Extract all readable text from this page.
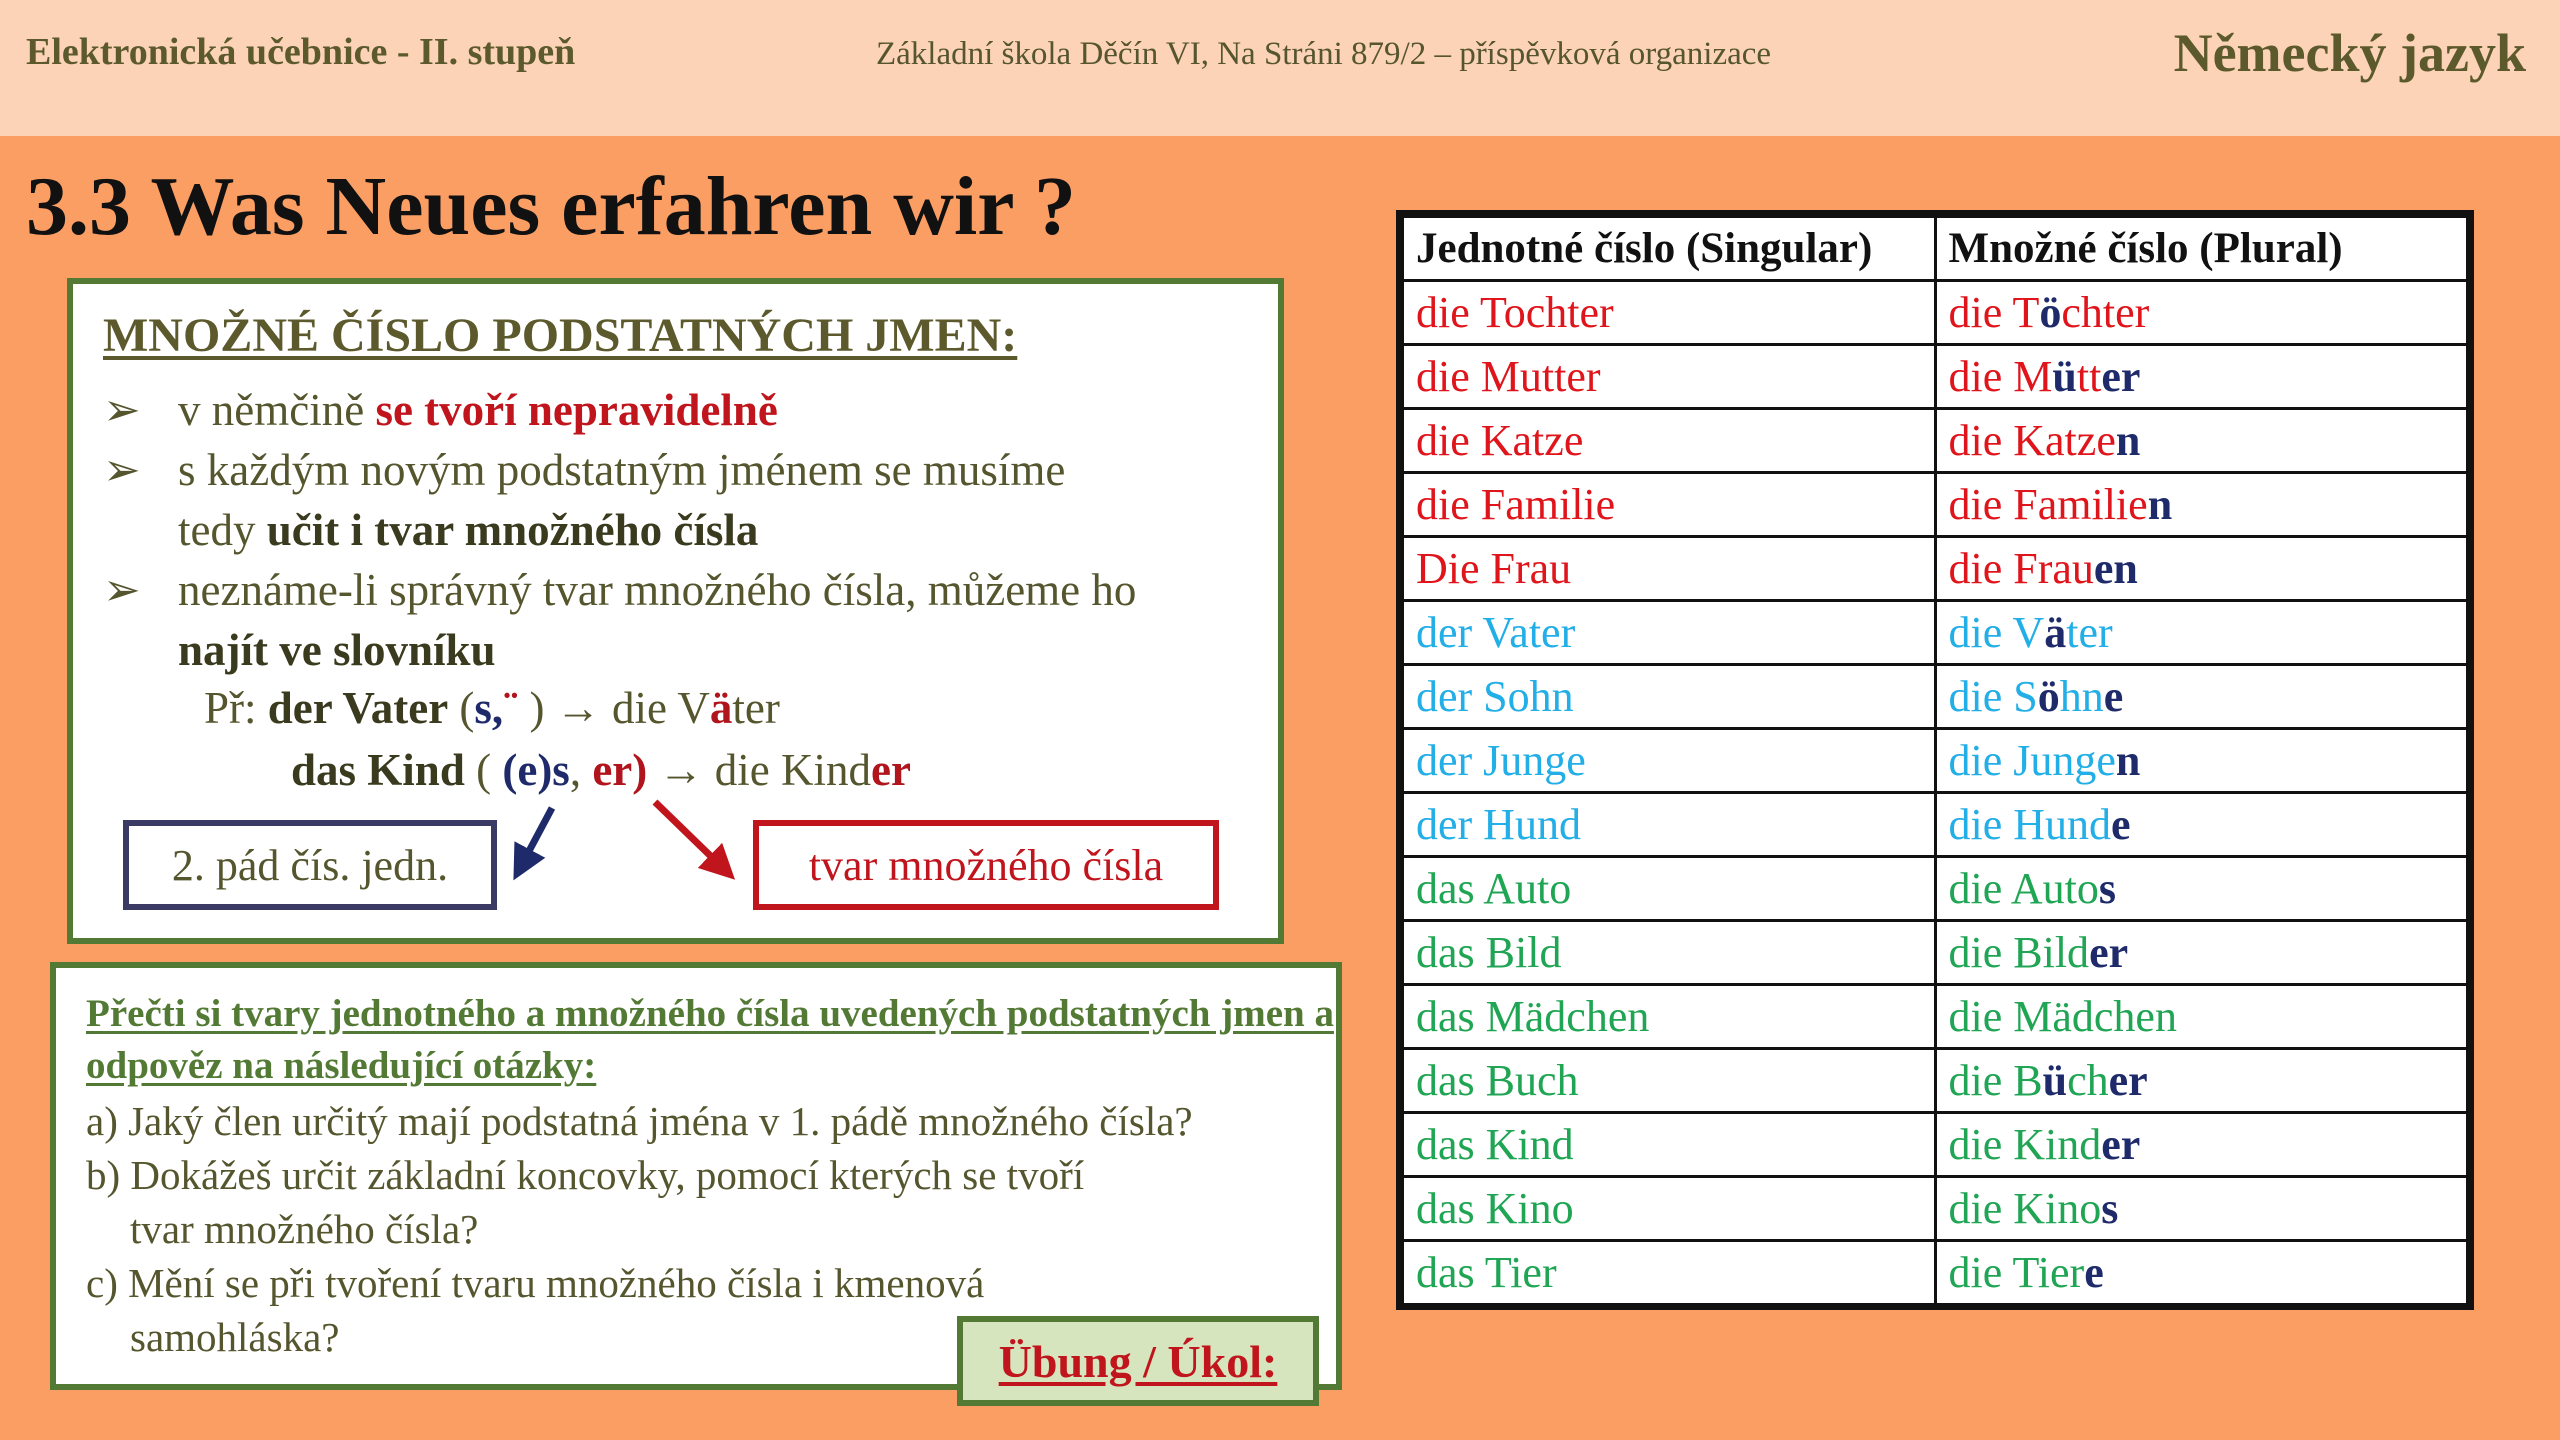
Elektronická učebnice - II. stupeň	Základní škola Děčín VI, Na Stráni 879/2 – příspěvková organizace	Německý jazyk
3.3 Was Neues erfahren wir ?
MNOŽNÉ ČÍSLO PODSTATNÝCH JMEN:
➢ v němčině se tvoří nepravidelně
➢ s každým novým podstatným jménem se musíme
tedy učit i tvar množného čísla
➢ neznáme-li správný tvar množného čísla, můžeme ho
najít ve slovníku
Př: der Vater (s,¨ ) → die Väter
das Kind ( (e)s, er) → die Kinder
2. pád čís. jedn.	tvar množného čísla
Přečti si tvary jednotného a množného čísla uvedených podstatných jmen a odpověz na následující otázky:
a) Jaký člen určitý mají podstatná jména v 1. pádě množného čísla?
b) Dokážeš určit základní koncovky, pomocí kterých se tvoří
tvar množného čísla?
c) Mění se při tvoření tvaru množného čísla i kmenová
samohláska?	Übung / Úkol:
Jednotné číslo (Singular)	Množné číslo (Plural)
die Tochter	die Töchter
die Mutter	die Mütter
die Katze	die Katzen
die Familie	die Familien
Die Frau	die Frauen
der Vater	die Väter
der Sohn	die Söhne
der Junge	die Jungen
der Hund	die Hunde
das Auto	die Autos
das Bild	die Bilder
das Mädchen	die Mädchen
das Buch	die Bücher
das Kind	die Kinder
das Kino	die Kinos
das Tier	die Tiere
